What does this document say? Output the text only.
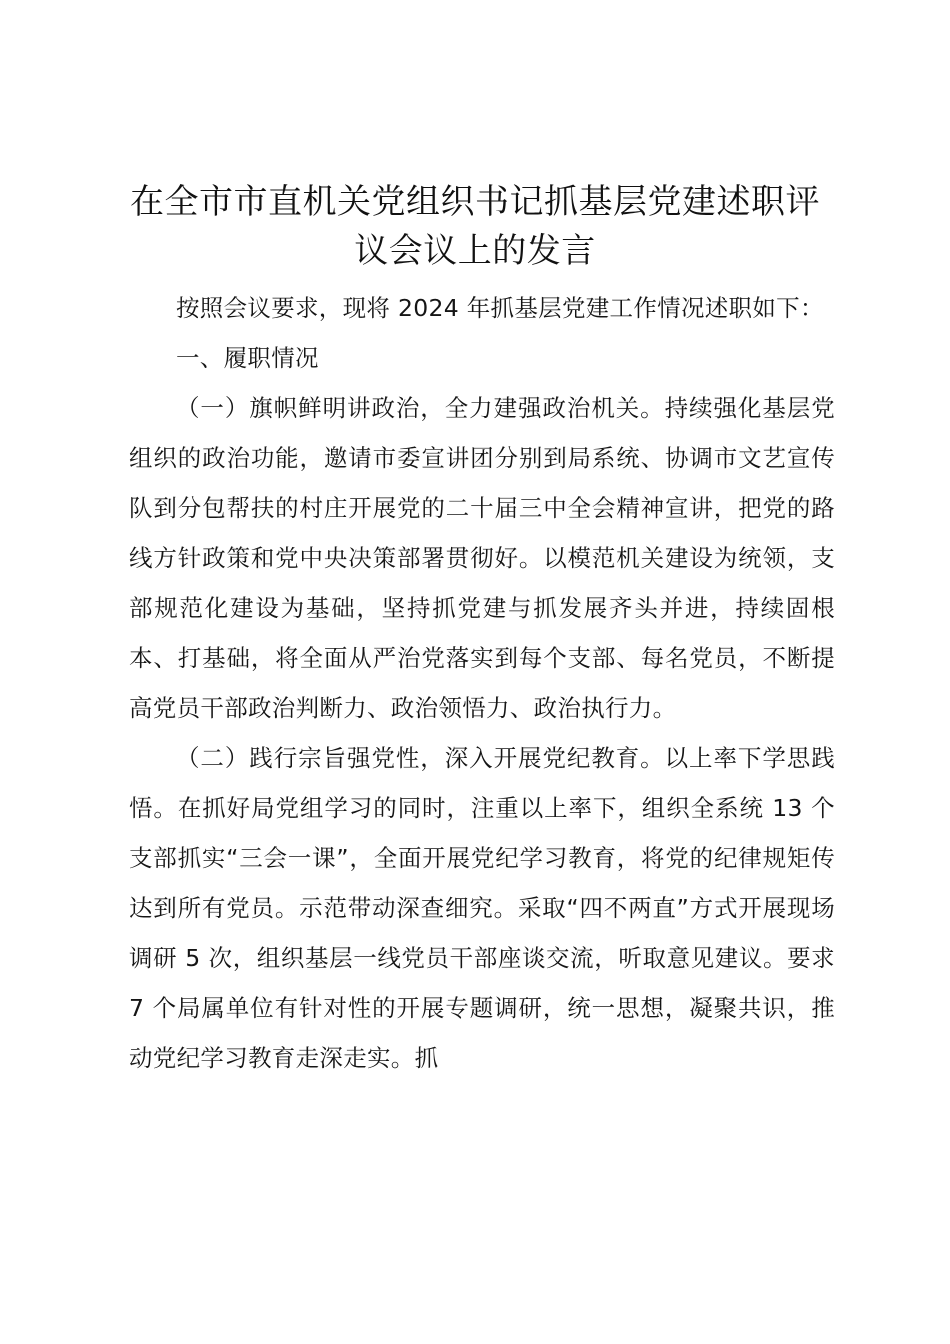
在全市市直机关党组织书记抓基层党建述职评
议会议上的发言

按照会议要求，现将 2024 年抓基层党建工作情况述职如下：

一、履职情况

（一）旗帜鲜明讲政治，全力建强政治机关。持续强化基层党组织的政治功能，邀请市委宣讲团分别到局系统、协调市文艺宣传队到分包帮扶的村庄开展党的二十届三中全会精神宣讲，把党的路线方针政策和党中央决策部署贯彻好。以模范机关建设为统领，支部规范化建设为基础，坚持抓党建与抓发展齐头并进，持续固根本、打基础，将全面从严治党落实到每个支部、每名党员，不断提高党员干部政治判断力、政治领悟力、政治执行力。

（二）践行宗旨强党性，深入开展党纪教育。以上率下学思践悟。在抓好局党组学习的同时，注重以上率下，组织全系统 13 个支部抓实“三会一课”，全面开展党纪学习教育，将党的纪律规矩传达到所有党员。示范带动深查细究。采取“四不两直”方式开展现场调研 5 次，组织基层一线党员干部座谈交流，听取意见建议。要求 7 个局属单位有针对性的开展专题调研，统一思想，凝聚共识，推动党纪学习教育走深走实。抓
